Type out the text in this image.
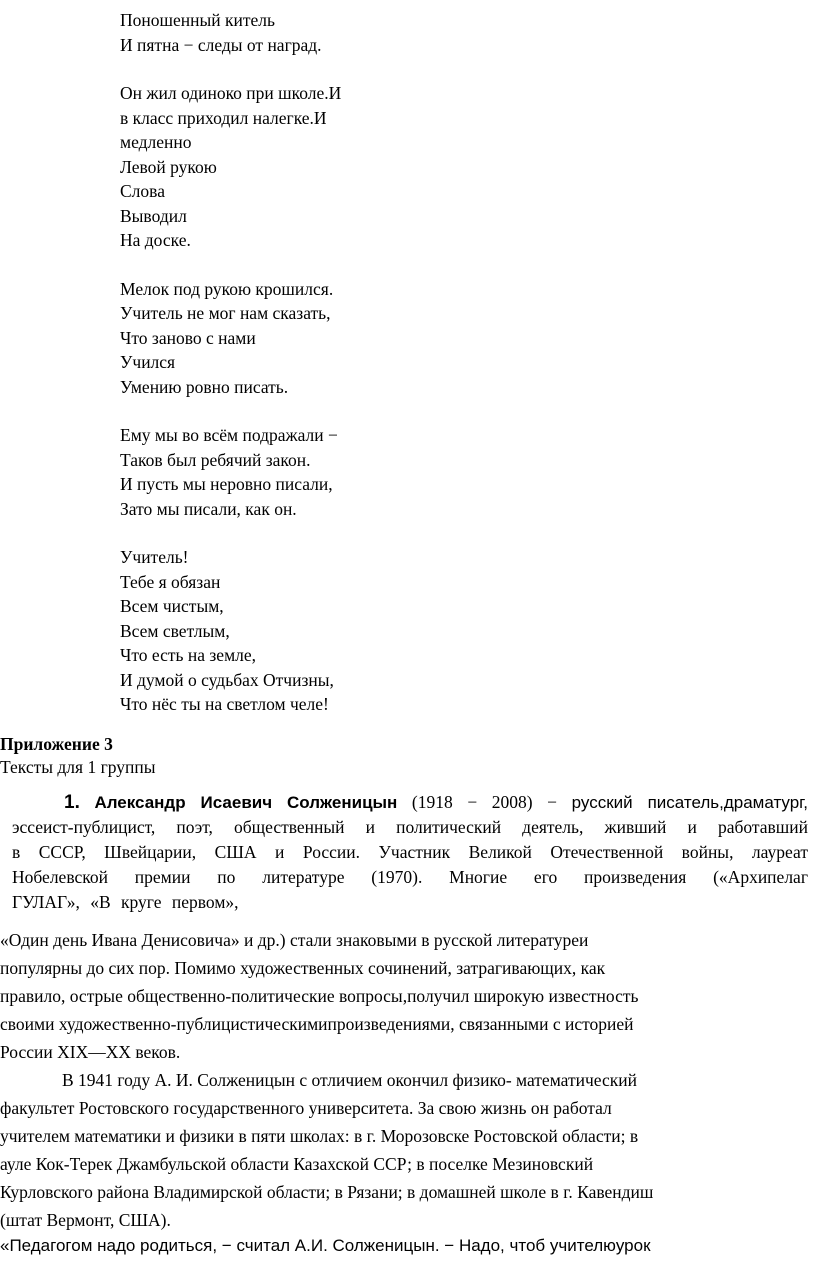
Поношенный китель
И пятна − следы от наград.
Он жил одиноко при школе.И
в класс приходил налегке.И
медленно
Левой рукою
Слова
Выводил
На доске.
Мелок под рукою крошился.
Учитель не мог нам сказать,
Что заново с нами
Учился
Умению ровно писать.
Ему мы во всём подражали −
Таков был ребячий закон.
И пусть мы неровно писали,
Зато мы писали, как он.
Учитель!
Тебе я обязан
Всем чистым,
Всем светлым,
Что есть на земле,
И думой о судьбах Отчизны,
Что нёс ты на светлом челе!
Приложение 3
Тексты для 1 группы
1. Александр Исаевич Солженицын (1918 − 2008) − русский писатель,драматург,
эссеист-публицист, поэт, общественный и политический деятель, живший и работавший
в СССР, Швейцарии, США и России. Участник Великой Отечественной войны, лауреат
Нобелевской премии по литературе (1970). Многие его произведения («Архипелаг
ГУЛАГ», «В круге первом»,
«Один день Ивана Денисовича» и др.) стали знаковыми в русской литературеи
популярны до сих пор. Помимо художественных сочинений, затрагивающих, как
правило, острые общественно-политические вопросы,получил широкую известность
своими художественно-публицистическимипроизведениями, связанными с историей
России XIX—XX веков.
В 1941 году А. И. Солженицын с отличием окончил физико- математический
факультет Ростовского государственного университета. За свою жизнь он работал
учителем математики и физики в пяти школах: в г. Морозовске Ростовской области; в
ауле Кок-Терек Джамбульской области Казахской ССР; в поселке Мезиновский
Курловского района Владимирской области; в Рязани; в домашней школе в г. Кавендиш
(штат Вермонт, США).
«Педагогом надо родиться, − считал А.И. Солженицын. − Надо, чтоб учителюурок
